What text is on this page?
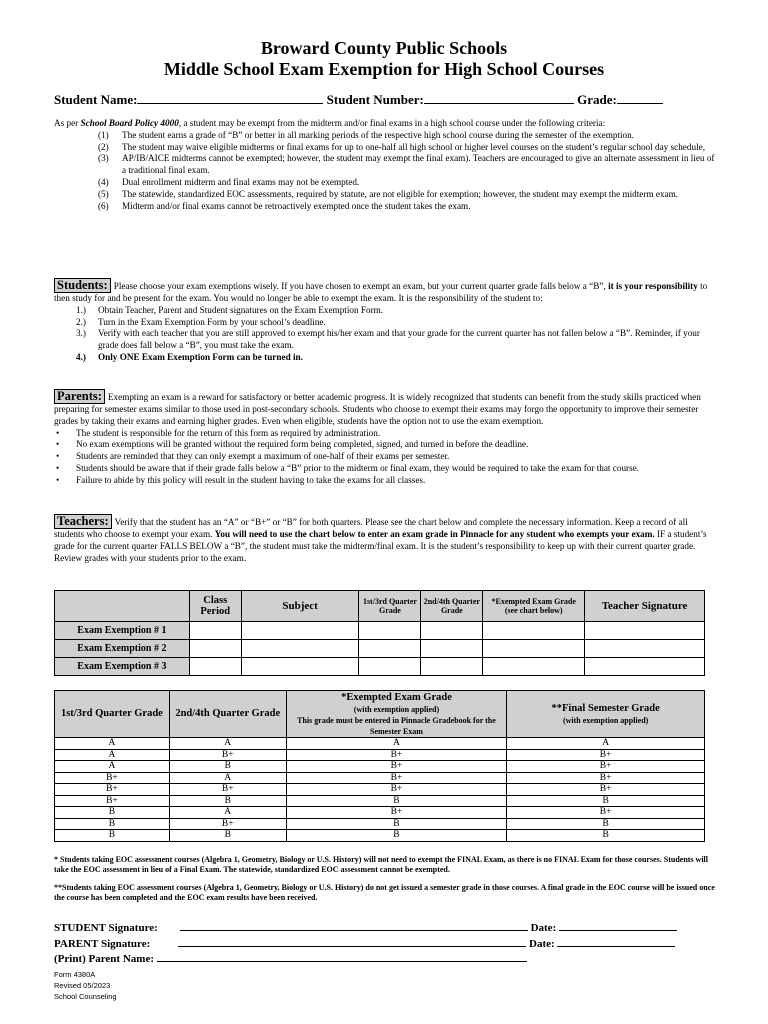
Broward County Public Schools
Middle School Exam Exemption for High School Courses
Student Name:	Student Number:	Grade:
As per School Board Policy 4000, a student may be exempt from the midterm and/or final exams in a high school course under the following criteria:
(1) The student earns a grade of “B” or better in all marking periods of the respective high school course during the semester of the exemption.
(2) The student may waive eligible midterms or final exams for up to one-half all high school or higher level courses on the student’s regular school day schedule,
(3) AP/IB/AICE midterms cannot be exempted; however, the student may exempt the final exam). Teachers are encouraged to give an alternate assessment in lieu of a traditional final exam.
(4) Dual enrollment midterm and final exams may not be exempted.
(5) The statewide, standardized EOC assessments, required by statute, are not eligible for exemption; however, the student may exempt the midterm exam.
(6) Midterm and/or final exams cannot be retroactively exempted once the student takes the exam.
Students: Please choose your exam exemptions wisely. If you have chosen to exempt an exam, but your current quarter grade falls below a “B”, it is your responsibility to then study for and be present for the exam. You would no longer be able to exempt the exam. It is the responsibility of the student to:
1.) Obtain Teacher, Parent and Student signatures on the Exam Exemption Form.
2.) Turn in the Exam Exemption Form by your school’s deadline.
3.) Verify with each teacher that you are still approved to exempt his/her exam and that your grade for the current quarter has not fallen below a “B”. Reminder, if your grade does fall below a “B”, you must take the exam.
4.) Only ONE Exam Exemption Form can be turned in.
Parents: Exempting an exam is a reward for satisfactory or better academic progress. It is widely recognized that students can benefit from the study skills practiced when preparing for semester exams similar to those used in post-secondary schools. Students who choose to exempt their exams may forgo the opportunity to improve their semester grades by taking their exams and earning higher grades. Even when eligible, students have the option not to use the exam exemption.
• The student is responsible for the return of this form as required by administration.
• No exam exemptions will be granted without the required form being completed, signed, and turned in before the deadline.
• Students are reminded that they can only exempt a maximum of one-half of their exams per semester.
• Students should be aware that if their grade falls below a “B” prior to the midterm or final exam, they would be required to take the exam for that course.
• Failure to abide by this policy will result in the student having to take the exams for all classes.
Teachers: Verify that the student has an “A” or “B+” or “B” for both quarters. Please see the chart below and complete the necessary information. Keep a record of all students who choose to exempt your exam. You will need to use the chart below to enter an exam grade in Pinnacle for any student who exempts your exam. IF a student’s grade for the current quarter FALLS BELOW a “B”, the student must take the midterm/final exam. It is the student’s responsibility to keep up with their current quarter grade. Review grades with your students prior to the exam.
	Class Period	Subject	1st/3rd Quarter Grade	2nd/4th Quarter Grade	*Exempted Exam Grade
(see chart below)	Teacher Signature
Exam Exemption # 1						
Exam Exemption # 2						
Exam Exemption # 3						
1st/3rd Quarter Grade	2nd/4th Quarter Grade	*Exempted Exam Grade
(with exemption applied)
This grade must be entered in Pinnacle Gradebook for the Semester Exam	**Final Semester Grade
(with exemption applied)

A	A	A	A
A	B+	B+	B+
A	B	B+	B+
B+	A	B+	B+
B+	B+	B+	B+
B+	B	B	B
B	A	B+	B+
B	B+	B	B
B	B	B	B
* Students taking EOC assessment courses (Algebra 1, Geometry, Biology or U.S. History) will not need to exempt the FINAL Exam, as there is no FINAL Exam for those courses. Students will take the EOC assessment in lieu of a Final Exam. The statewide, standardized EOC assessment cannot be exempted.
**Students taking EOC assessment courses (Algebra 1, Geometry, Biology or U.S. History) do not get issued a semester grade in those courses. A final grade in the EOC course will be issued once the course has been completed and the EOC exam results have been received.
STUDENT Signature:	Date:
PARENT Signature:	Date:
(Print) Parent Name:
Form 4380A
Revised 05/2023
School Counseling
